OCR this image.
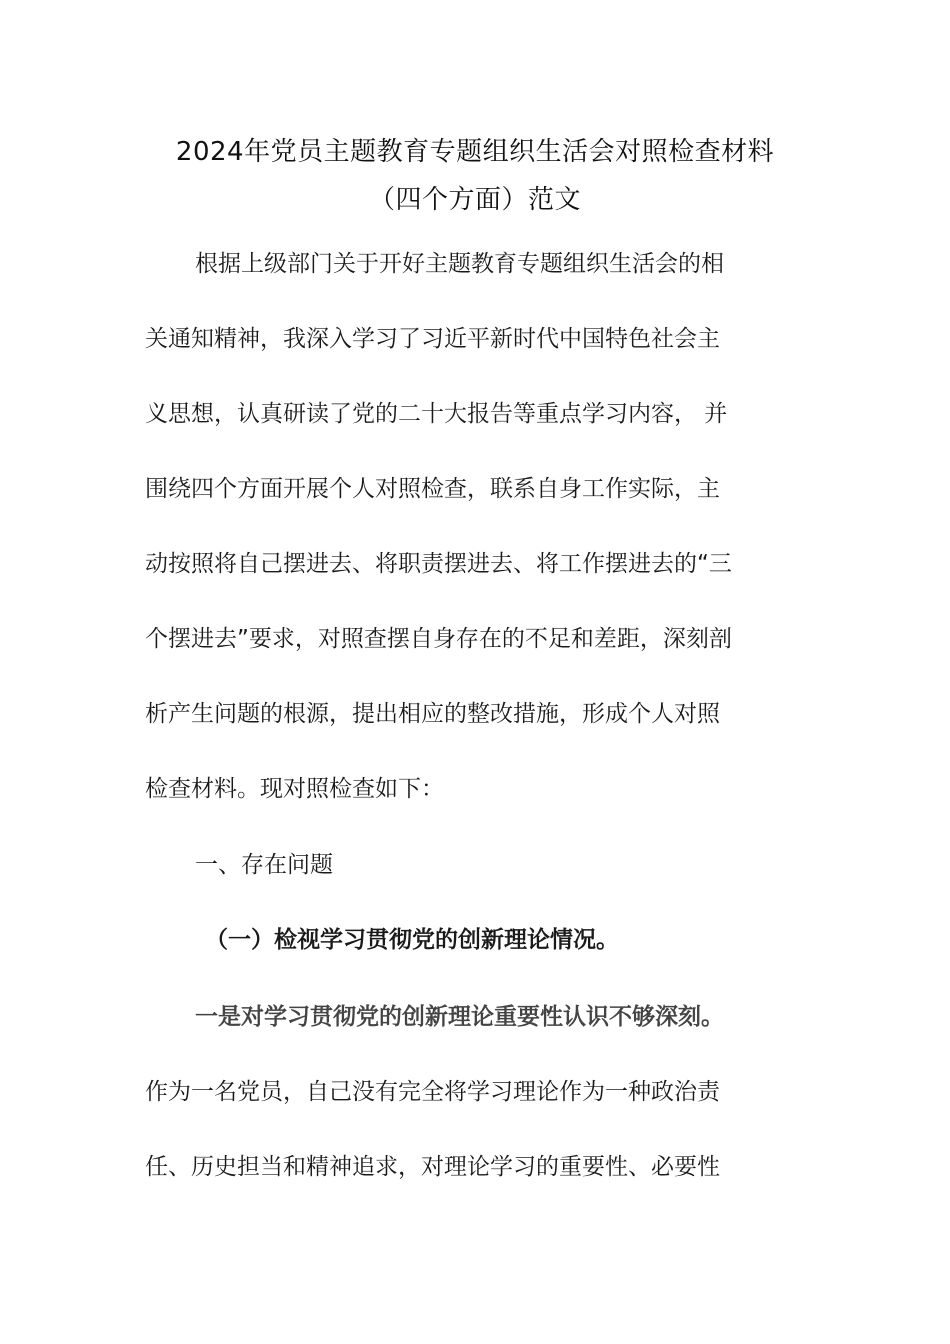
2024年党员主题教育专题组织生活会对照检查材料
（四个方面）范文
根据上级部门关于开好主题教育专题组织生活会的相
关通知精神，我深入学习了习近平新时代中国特色社会主
义思想，认真研读了党的二十大报告等重点学习内容， 并
围绕四个方面开展个人对照检查，联系自身工作实际，主
动按照将自己摆进去、将职责摆进去、将工作摆进去的“三
个摆进去”要求，对照查摆自身存在的不足和差距，深刻剖
析产生问题的根源，提出相应的整改措施，形成个人对照
检查材料。现对照检查如下：
一、存在问题
（一）检视学习贯彻党的创新理论情况。
一是对学习贯彻党的创新理论重要性认识不够深刻。
作为一名党员，自己没有完全将学习理论作为一种政治责
任、历史担当和精神追求，对理论学习的重要性、必要性
